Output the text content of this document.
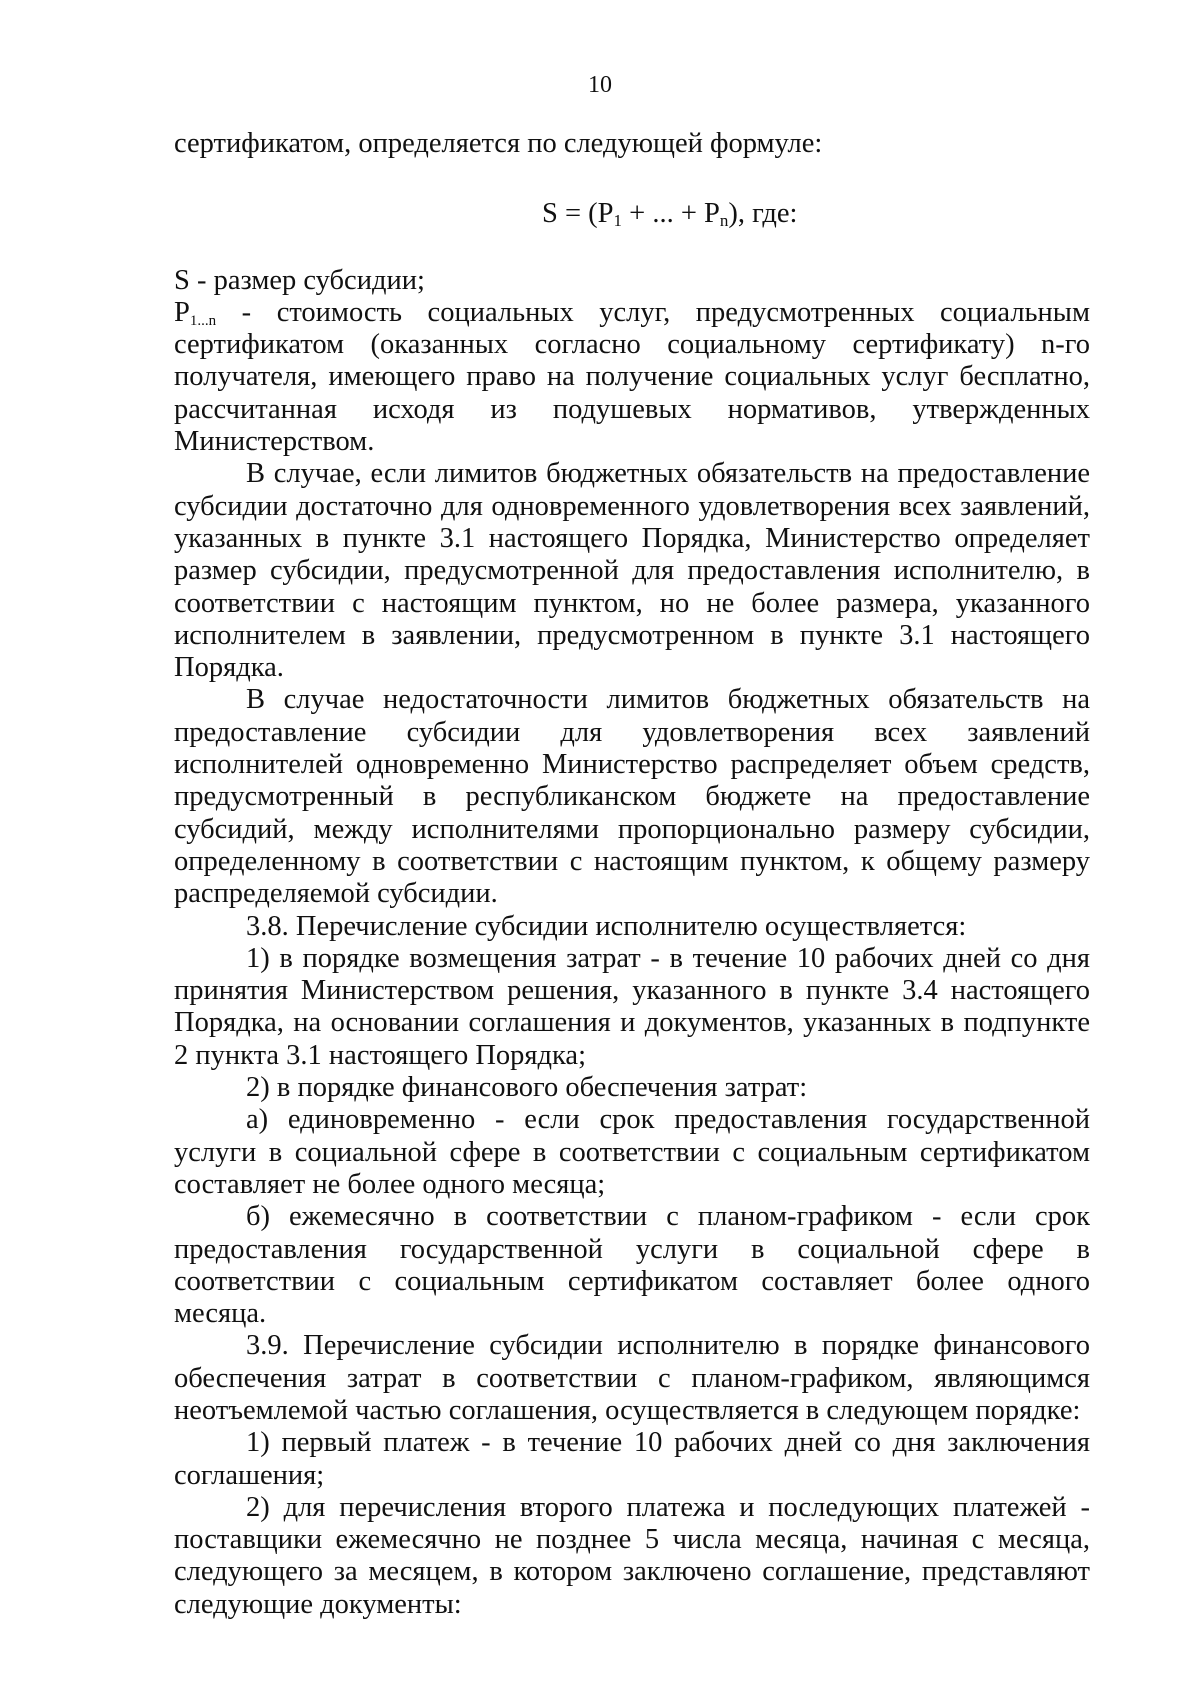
10

сертификатом, определяется по следующей формуле:

$S = (P_1$ + ... + $P_n$), где:

S - размер субсидии;

$P_{1...n}$ - стоимость социальных услуг, предусмотренных социальным сертификатом (оказанных согласно социальному сертификату) n-го получателя, имеющего право на получение социальных услуг бесплатно, рассчитанная исходя из подушевых нормативов, утвержденных Министерством.

В случае, если лимитов бюджетных обязательств на предоставление субсидии достаточно для одновременного удовлетворения всех заявлений, указанных в пункте 3.1 настоящего Порядка, Министерство определяет размер субсидии, предусмотренной для предоставления исполнителю, в соответствии с настоящим пунктом, но не более размера, указанного исполнителем в заявлении, предусмотренном в пункте 3.1 настоящего Порядка.

В случае недостаточности лимитов бюджетных обязательств на предоставление субсидии для удовлетворения всех заявлений исполнителей одновременно Министерство распределяет объем средств, предусмотренный в республиканском бюджете на предоставление субсидий, между исполнителями пропорционально размеру субсидии, определенному в соответствии с настоящим пунктом, к общему размеру распределяемой субсидии.

3.8. Перечисление субсидии исполнителю осуществляется:

1) в порядке возмещения затрат - в течение 10 рабочих дней со дня принятия Министерством решения, указанного в пункте 3.4 настоящего Порядка, на основании соглашения и документов, указанных в подпункте 2 пункта 3.1 настоящего Порядка;

2) в порядке финансового обеспечения затрат:

а) единовременно - если срок предоставления государственной услуги в социальной сфере в соответствии с социальным сертификатом составляет не более одного месяца;

б) ежемесячно в соответствии с планом-графиком - если срок предоставления государственной услуги в социальной сфере в соответствии с социальным сертификатом составляет более одного месяца.

3.9. Перечисление субсидии исполнителю в порядке финансового обеспечения затрат в соответствии с планом-графиком, являющимся неотъемлемой частью соглашения, осуществляется в следующем порядке:

1) первый платеж - в течение 10 рабочих дней со дня заключения соглашения;

2) для перечисления второго платежа и последующих платежей - поставщики ежемесячно не позднее 5 числа месяца, начиная с месяца, следующего за месяцем, в котором заключено соглашение, представляют следующие документы:
